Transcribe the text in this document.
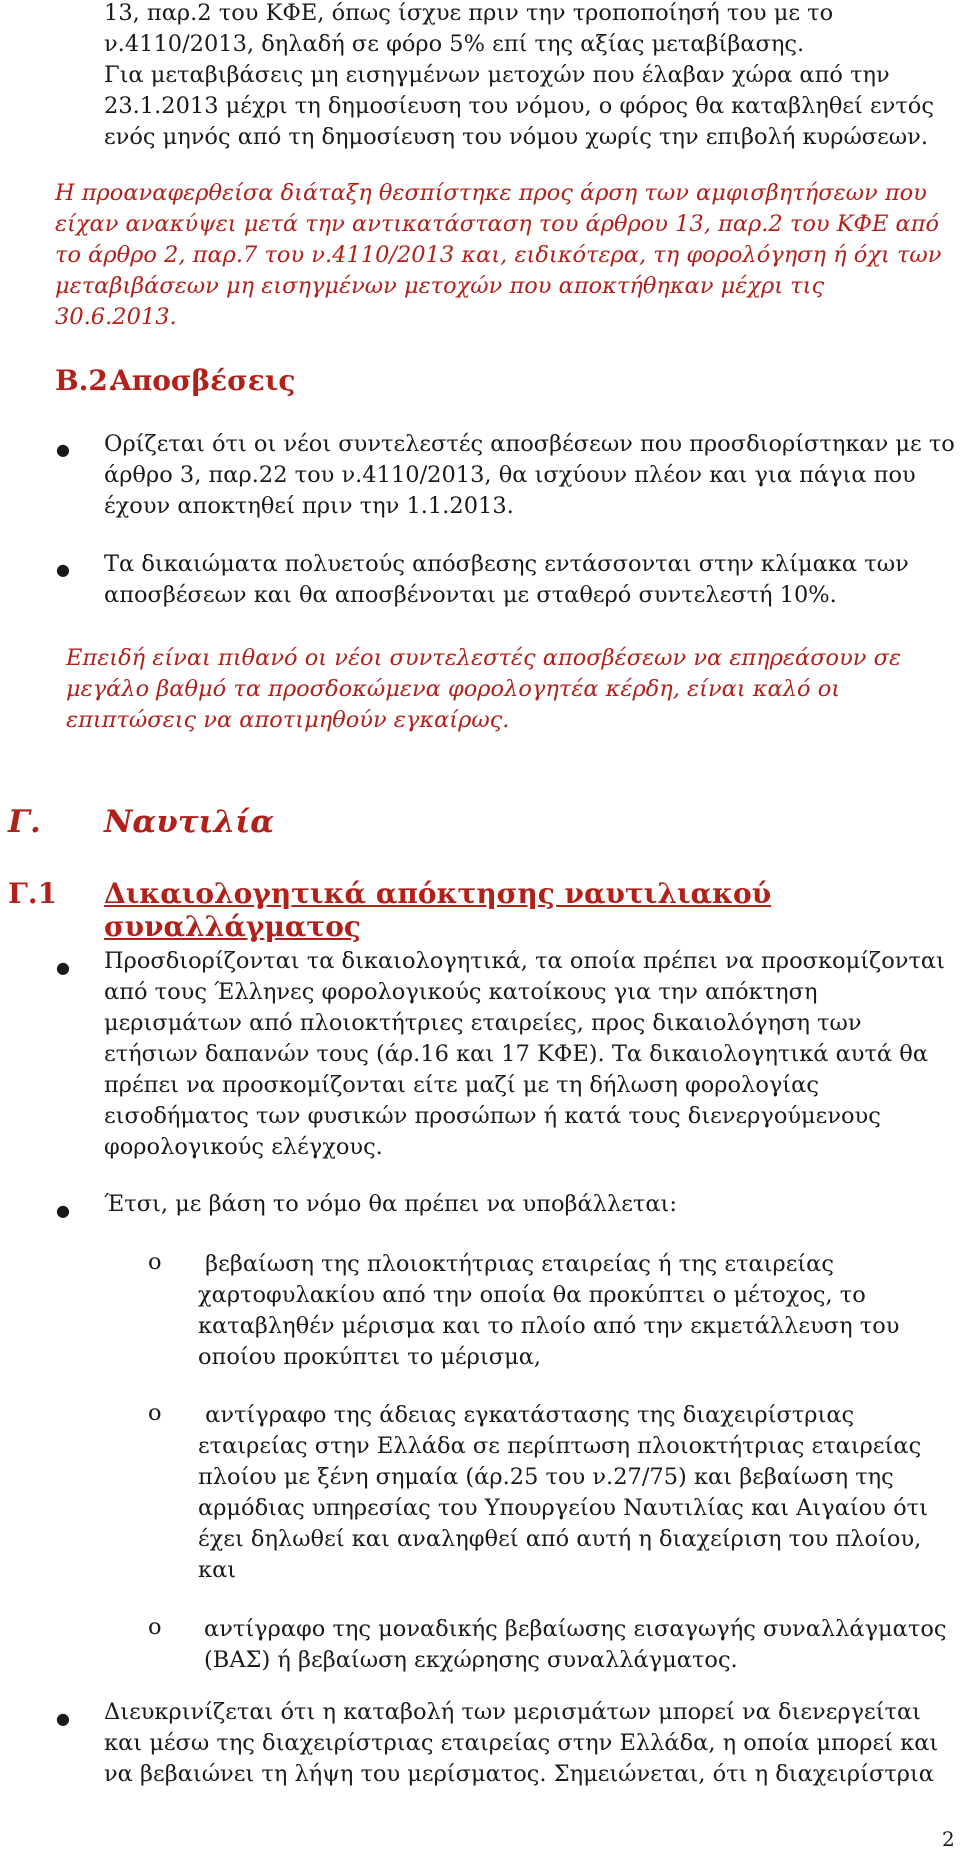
13, παρ.2 του ΚΦΕ, όπως ίσχυε πριν την τροποποίησή του με το
ν.4110/2013, δηλαδή σε φόρο 5% επί της αξίας μεταβίβασης.
Για μεταβιβάσεις μη εισηγμένων μετοχών που έλαβαν χώρα από την
23.1.2013 μέχρι τη δημοσίευση του νόμου, ο φόρος θα καταβληθεί εντός
ενός μηνός από τη δημοσίευση του νόμου χωρίς την επιβολή κυρώσεων.
Η προαναφερθείσα διάταξη θεσπίστηκε προς άρση των αμφισβητήσεων που
είχαν ανακύψει μετά την αντικατάσταση του άρθρου 13, παρ.2 του ΚΦΕ από
το άρθρο 2, παρ.7 του ν.4110/2013 και, ειδικότερα, τη φορολόγηση ή όχι των
μεταβιβάσεων μη εισηγμένων μετοχών που αποκτήθηκαν μέχρι τις
30.6.2013.
Β.2.
Αποσβέσεις
● Ορίζεται ότι οι νέοι συντελεστές αποσβέσεων που προσδιορίστηκαν με το
άρθρο 3, παρ.22 του ν.4110/2013, θα ισχύουν πλέον και για πάγια που
έχουν αποκτηθεί πριν την 1.1.2013.
● Τα δικαιώματα πολυετούς απόσβεσης εντάσσονται στην κλίμακα των
αποσβέσεων και θα αποσβένονται με σταθερό συντελεστή 10%.
Επειδή είναι πιθανό οι νέοι συντελεστές αποσβέσεων να επηρεάσουν σε
μεγάλο βαθμό τα προσδοκώμενα φορολογητέα κέρδη, είναι καλό οι
επιπτώσεις να αποτιμηθούν εγκαίρως.
Γ. Ναυτιλία
Γ.1 Δικαιολογητικά απόκτησης ναυτιλιακού συναλλάγματος
● Προσδιορίζονται τα δικαιολογητικά, τα οποία πρέπει να προσκομίζονται
από τους Έλληνες φορολογικούς κατοίκους για την απόκτηση
μερισμάτων από πλοιοκτήτριες εταιρείες, προς δικαιολόγηση των
ετήσιων δαπανών τους (άρ.16 και 17 ΚΦΕ). Τα δικαιολογητικά αυτά θα
πρέπει να προσκομίζονται είτε μαζί με τη δήλωση φορολογίας
εισοδήματος των φυσικών προσώπων ή κατά τους διενεργούμενους
φορολογικούς ελέγχους.
● Έτσι, με βάση το νόμο θα πρέπει να υποβάλλεται:
o βεβαίωση της πλοιοκτήτριας εταιρείας ή της εταιρείας
χαρτοφυλακίου από την οποία θα προκύπτει ο μέτοχος, το
καταβληθέν μέρισμα και το πλοίο από την εκμετάλλευση του
οποίου προκύπτει το μέρισμα,
o αντίγραφο της άδειας εγκατάστασης της διαχειρίστριας
εταιρείας στην Ελλάδα σε περίπτωση πλοιοκτήτριας εταιρείας
πλοίου με ξένη σημαία (άρ.25 του ν.27/75) και βεβαίωση της
αρμόδιας υπηρεσίας του Υπουργείου Ναυτιλίας και Αιγαίου ότι
έχει δηλωθεί και αναληφθεί από αυτή η διαχείριση του πλοίου,
και
o αντίγραφο της μοναδικής βεβαίωσης εισαγωγής συναλλάγματος
(ΒΑΣ) ή βεβαίωση εκχώρησης συναλλάγματος.
● Διευκρινίζεται ότι η καταβολή των μερισμάτων μπορεί να διενεργείται
και μέσω της διαχειρίστριας εταιρείας στην Ελλάδα, η οποία μπορεί και
να βεβαιώνει τη λήψη του μερίσματος. Σημειώνεται, ότι η διαχειρίστρια
2
